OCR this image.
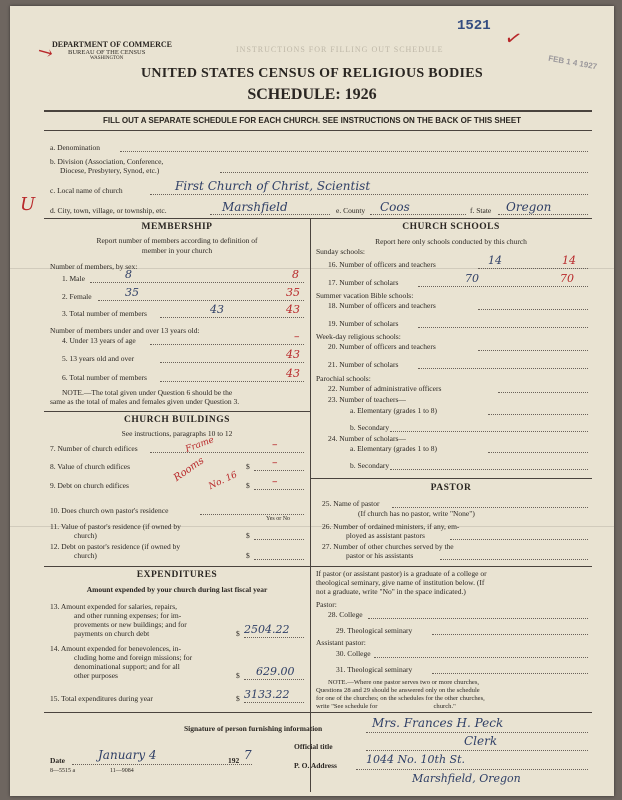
INSTRUCTIONS FOR FILLING OUT SCHEDULE
↘
✓
1521
FEB 1 4 1927
DEPARTMENT OF COMMERCE
BUREAU OF THE CENSUS
WASHINGTON
UNITED STATES CENSUS OF RELIGIOUS BODIES
SCHEDULE: 1926
FILL OUT A SEPARATE SCHEDULE FOR EACH CHURCH. SEE INSTRUCTIONS ON THE BACK OF THIS SHEET
a. Denomination
b. Division (Association, Conference,
Diocese, Presbytery, Synod, etc.)
c. Local name of church	First Church of Christ, Scientist
U d. City, town, village, or township, etc.	Marshfield	e. County Coos	f. State Oregon
MEMBERSHIP
Report number of members according to definition of
member in your church
Number of members, by sex:
1. Male	8	8
2. Female	35	35
3. Total number of members	43	43
Number of members under and over 13 years old:
4. Under 13 years of age	–
5. 13 years old and over	43
6. Total number of members	43
NOTE.—The total given under Question 6 should be the
same as the total of males and females given under Question 3.
CHURCH BUILDINGS
See instructions, paragraphs 10 to 12
7. Number of church edifices	–
8. Value of church edifices	$ –
9. Debt on church edifices	$ –
Frame
Rooms No. 16
10. Does church own pastor's residence
Yes or No
11. Value of pastor's residence (if owned by
church)	$
12. Debt on pastor's residence (if owned by
church)	$
EXPENDITURES
Amount expended by your church during last fiscal year
13. Amount expended for salaries, repairs,
and other running expenses; for im-
provements or new buildings; and for
payments on church debt	$ 2504.22
14. Amount expended for benevolences, in-
cluding home and foreign missions; for
denominational support; and for all
other purposes	$ 629.00
15. Total expenditures during year	$ 3133.22
CHURCH SCHOOLS
Report here only schools conducted by this church
Sunday schools:
16. Number of officers and teachers	14	14
17. Number of scholars	70	70
Summer vacation Bible schools:
18. Number of officers and teachers
19. Number of scholars
Week-day religious schools:
20. Number of officers and teachers
21. Number of scholars
Parochial schools:
22. Number of administrative officers
23. Number of teachers—
a. Elementary (grades 1 to 8)
b. Secondary
24. Number of scholars—
a. Elementary (grades 1 to 8)
b. Secondary
PASTOR
25. Name of pastor
(If church has no pastor, write "None")
26. Number of ordained ministers, if any, em-
ployed as assistant pastors
27. Number of other churches served by the
pastor or his assistants
If pastor (or assistant pastor) is a graduate of a college or
theological seminary, give name of institution below. (If
not a graduate, write "No" in the space indicated.)
Pastor:
28. College
29. Theological seminary
Assistant pastor:
30. College
31. Theological seminary
NOTE.—Where one pastor serves two or more churches,
Questions 28 and 29 should be answered only on the schedule
for one of the churches; on the schedules for the other churches,
write "See schedule for                                  church."
Signature of person furnishing information	Mrs. Frances H. Peck
Official title	Clerk
P. O. Address	1044 No. 10th St.
Marshfield, Oregon
Date	January 4	192 7
8—5515 a	11—9084
